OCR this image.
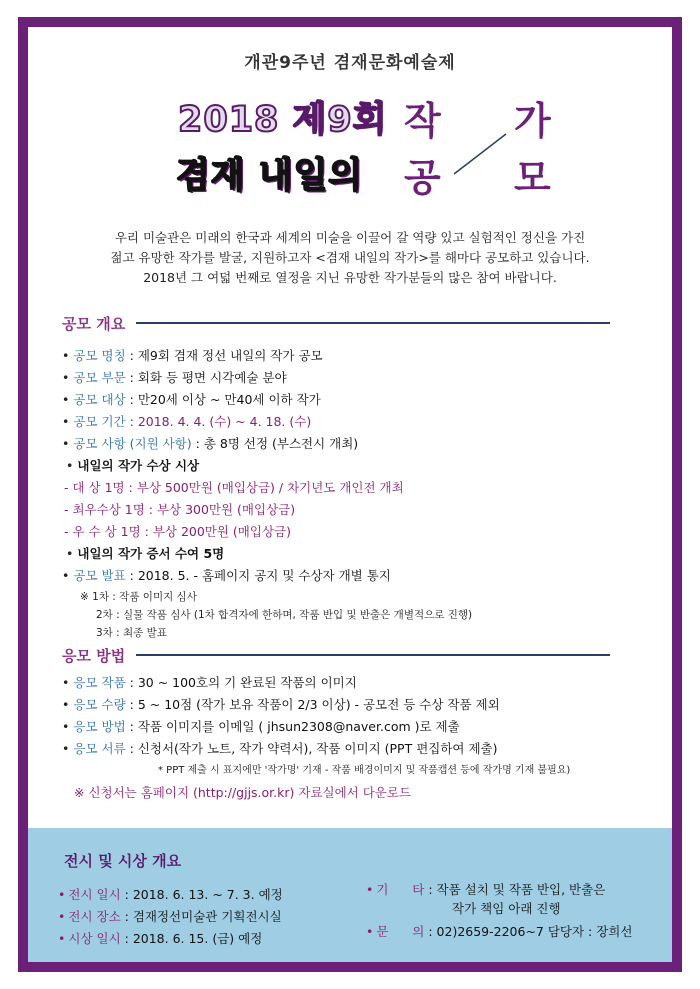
개관9주년 겸재문화예술제
2018 제9회
겸재 내일의
작 가
공 모

우리 미술관은 미래의 한국과 세계의 미술을 이끌어 갈 역량 있고 실험적인 정신을 가진

젊고 유망한 작가를 발굴, 지원하고자 <겸재 내일의 작가>를 해마다 공모하고 있습니다.

2018년 그 여덟 번째로 열정을 지닌 유망한 작가분들의 많은 참여 바랍니다.

공모 개요
• 공모 명칭 : 제9회 겸재 정선 내일의 작가 공모
• 공모 부문 : 회화 등 평면 시각예술 분야
• 공모 대상 : 만20세 이상 ~ 만40세 이하 작가
• 공모 기간 : 2018. 4. 4. (수) ~ 4. 18. (수)
• 공모 사항 (지원 사항) : 총 8명 선정 (부스전시 개최)
• 내일의 작가 수상 시상
- 대 상 1명 : 부상 500만원 (매입상금) / 차기년도 개인전 개최
- 최우수상 1명 : 부상 300만원 (매입상금)
- 우 수 상 1명 : 부상 200만원 (매입상금)
• 내일의 작가 증서 수여 5명
• 공모 발표 : 2018. 5. - 홈페이지 공지 및 수상자 개별 통지
※ 1차 : 작품 이미지 심사
2차 : 실물 작품 심사 (1차 합격자에 한하며, 작품 반입 및 반출은 개별적으로 진행)
3차 : 최종 발표
응모 방법
• 응모 작품 : 30 ~ 100호의 기 완료된 작품의 이미지
• 응모 수량 : 5 ~ 10점 (작가 보유 작품이 2/3 이상) - 공모전 등 수상 작품 제외
• 응모 방법 : 작품 이미지를 이메일 ( jhsun2308@naver.com )로 제출
• 응모 서류 : 신청서(작가 노트, 작가 약력서), 작품 이미지 (PPT 편집하여 제출)
* PPT 제출 시 표지에만 '작가명' 기재 - 작품 배경이미지 및 작품캡션 등에 작가명 기재 불필요)
※ 신청서는 홈페이지 (http://gjjs.or.kr) 자료실에서 다운로드
전시 및 시상 개요
• 전시 일시 : 2018. 6. 13. ~ 7. 3. 예정
• 전시 장소 : 겸재정선미술관 기획전시실
• 시상 일시 : 2018. 6. 15. (금) 예정
• 기      타 : 작품 설치 및 작품 반입, 반출은
작가 책임 아래 진행
• 문      의 : 02)2659-2206~7 담당자 : 장희선
